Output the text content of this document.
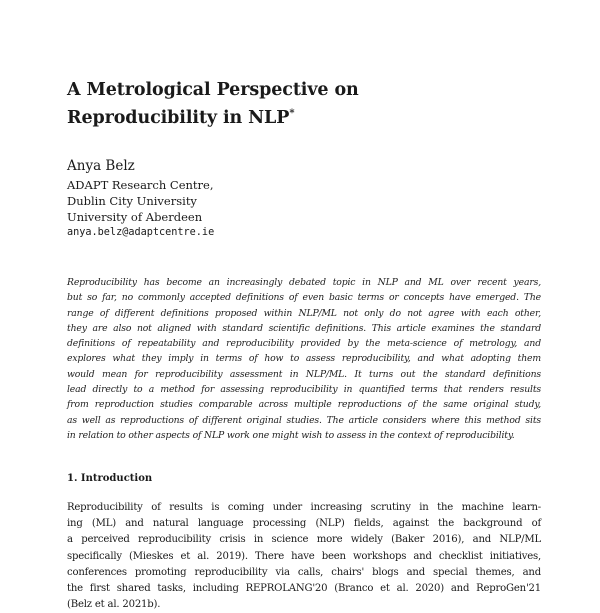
A Metrological Perspective on
Reproducibility in NLP*
Anya Belz
ADAPT Research Centre,
Dublin City University
University of Aberdeen
anya.belz@adaptcentre.ie
Reproducibility has become an increasingly debated topic in NLP and ML over recent years,
but so far, no commonly accepted definitions of even basic terms or concepts have emerged. The
range of different definitions proposed within NLP/ML not only do not agree with each other,
they are also not aligned with standard scientific definitions. This article examines the standard
definitions of repeatability and reproducibility provided by the meta-science of metrology, and
explores what they imply in terms of how to assess reproducibility, and what adopting them
would mean for reproducibility assessment in NLP/ML. It turns out the standard definitions
lead directly to a method for assessing reproducibility in quantified terms that renders results
from reproduction studies comparable across multiple reproductions of the same original study,
as well as reproductions of different original studies. The article considers where this method sits
in relation to other aspects of NLP work one might wish to assess in the context of reproducibility.
1. Introduction
Reproducibility of results is coming under increasing scrutiny in the machine learn-
ing (ML) and natural language processing (NLP) fields, against the background of
a perceived reproducibility crisis in science more widely (Baker 2016), and NLP/ML
specifically (Mieskes et al. 2019). There have been workshops and checklist initiatives,
conferences promoting reproducibility via calls, chairs' blogs and special themes, and
the first shared tasks, including REPROLANG'20 (Branco et al. 2020) and ReproGen'21
(Belz et al. 2021b).
